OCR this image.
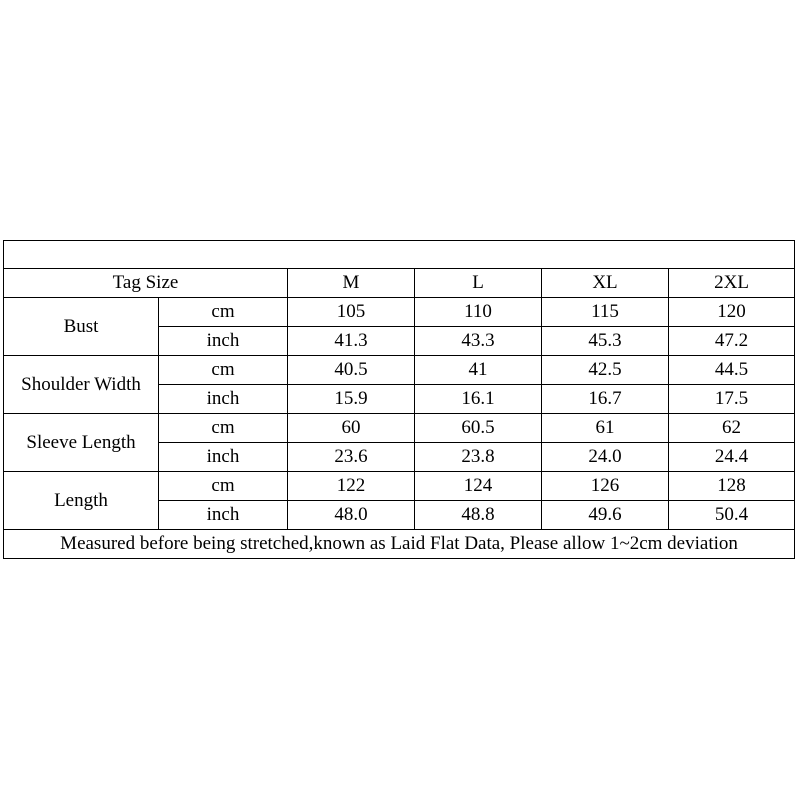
Tag Size		M	L	XL	2XL
Bust	cm	105	110	115	120
	inch	41.3	43.3	45.3	47.2
Shoulder Width	cm	40.5	41	42.5	44.5
	inch	15.9	16.1	16.7	17.5
Sleeve Length	cm	60	60.5	61	62
	inch	23.6	23.8	24.0	24.4
Length	cm	122	124	126	128
	inch	48.0	48.8	49.6	50.4
Measured before being stretched,known as Laid Flat Data, Please allow 1~2cm deviation					
